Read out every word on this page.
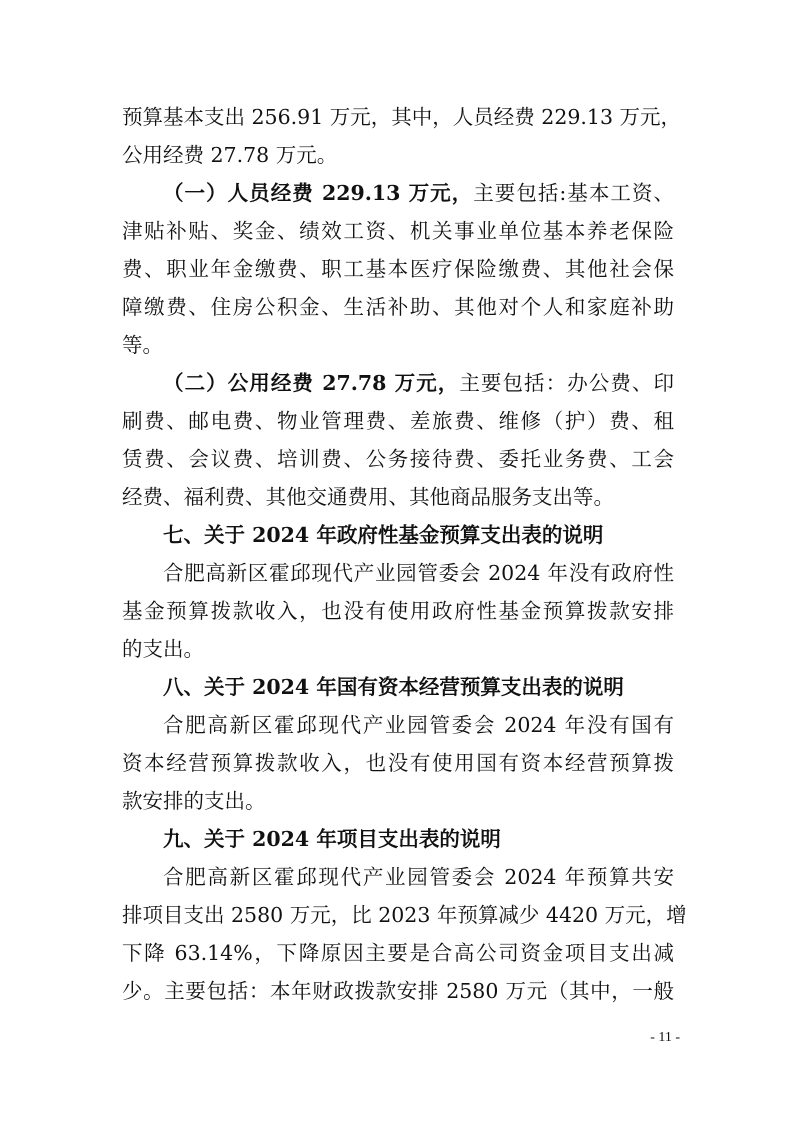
预算基本支出 256.91 万元，其中，人员经费 229.13 万元，
公用经费 27.78 万元。
（一）人员经费 229.13 万元，主要包括:基本工资、
津贴补贴、奖金、绩效工资、机关事业单位基本养老保险
费、职业年金缴费、职工基本医疗保险缴费、其他社会保
障缴费、住房公积金、生活补助、其他对个人和家庭补助
等。
（二）公用经费 27.78 万元，主要包括：办公费、印
刷费、邮电费、物业管理费、差旅费、维修（护）费、租
赁费、会议费、培训费、公务接待费、委托业务费、工会
经费、福利费、其他交通费用、其他商品服务支出等。
七、关于 2024 年政府性基金预算支出表的说明
合肥高新区霍邱现代产业园管委会 2024 年没有政府性
基金预算拨款收入，也没有使用政府性基金预算拨款安排
的支出。
八、关于 2024 年国有资本经营预算支出表的说明
合肥高新区霍邱现代产业园管委会 2024 年没有国有
资本经营预算拨款收入，也没有使用国有资本经营预算拨
款安排的支出。
九、关于 2024 年项目支出表的说明
合肥高新区霍邱现代产业园管委会 2024 年预算共安
排项目支出 2580 万元，比 2023 年预算减少 4420 万元，增
下降 63.14%，下降原因主要是合高公司资金项目支出减
少。主要包括：本年财政拨款安排 2580 万元（其中，一般
- 11 -
